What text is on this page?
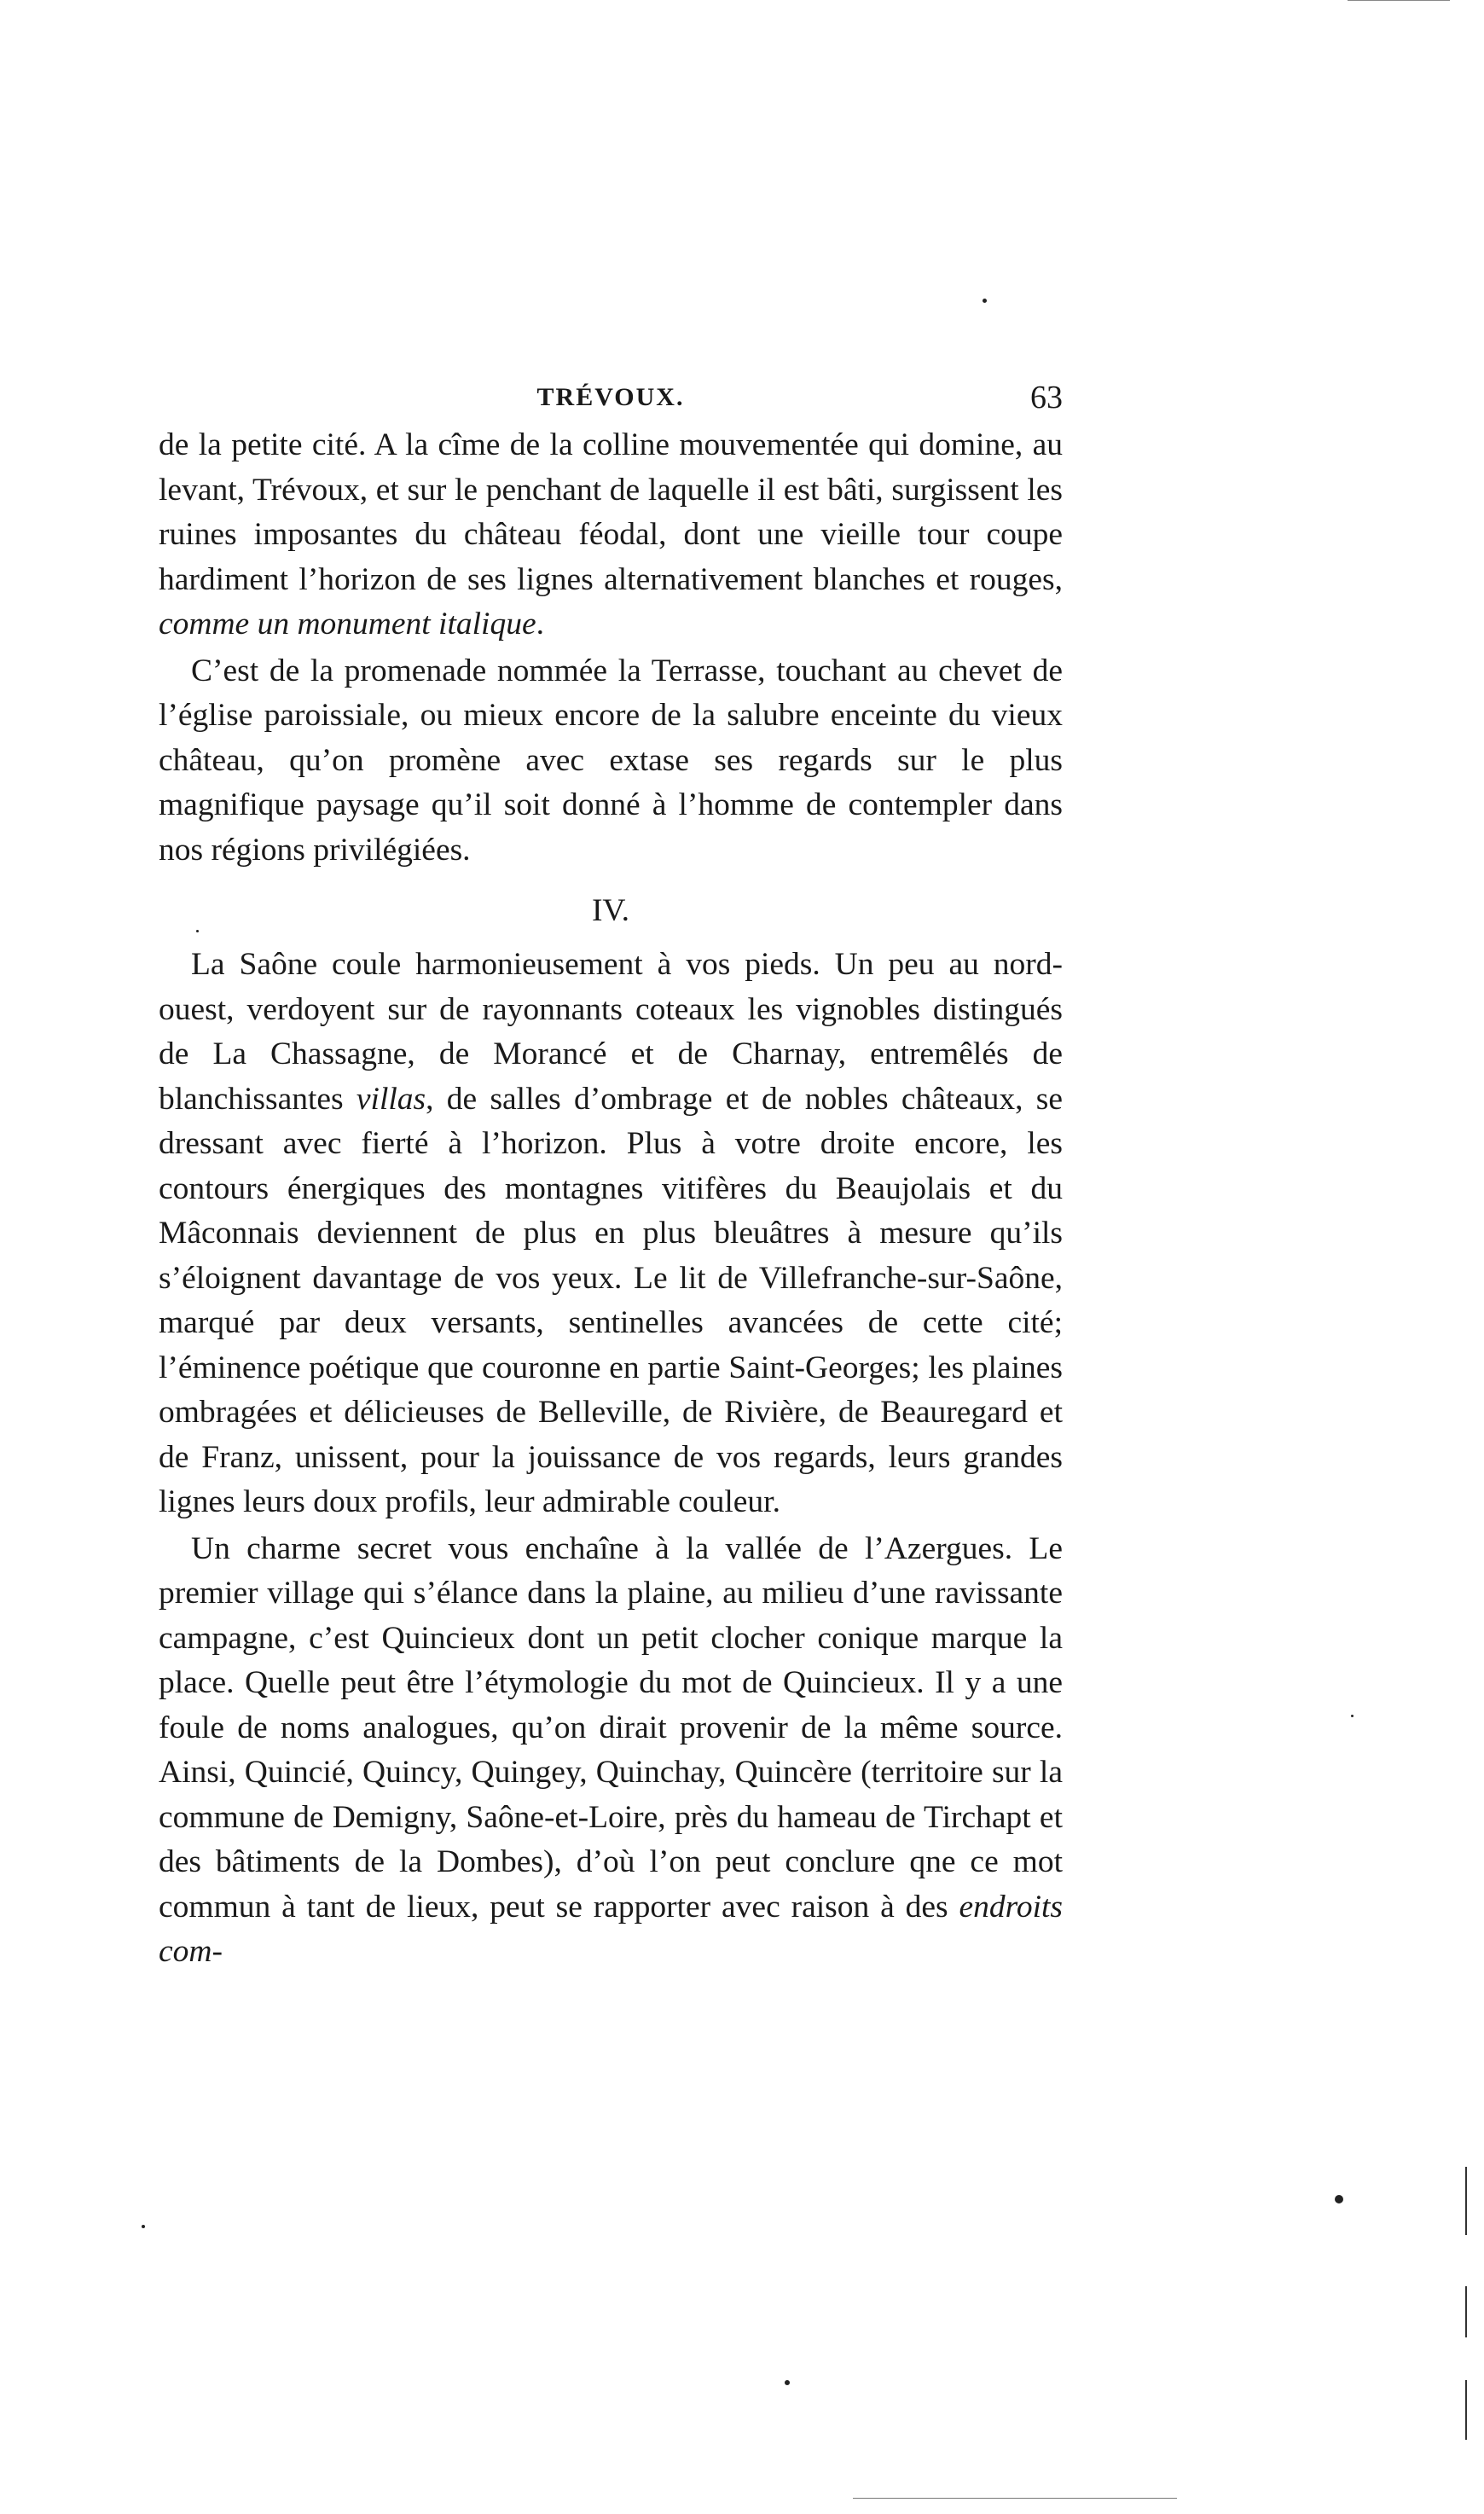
TRÉVOUX.	63

de la petite cité. A la cîme de la colline mouvementée qui domine, au levant, Trévoux, et sur le penchant de laquelle il est bâti, surgissent les ruines imposantes du château féodal, dont une vieille tour coupe hardiment l’horizon de ses lignes alternativement blanches et rouges, comme un monument italique.

C’est de la promenade nommée la Terrasse, touchant au chevet de l’église paroissiale, ou mieux encore de la salubre enceinte du vieux château, qu’on promène avec extase ses regards sur le plus magnifique paysage qu’il soit donné à l’homme de contempler dans nos régions privilégiées.

IV.

La Saône coule harmonieusement à vos pieds. Un peu au nord-ouest, verdoyent sur de rayonnants coteaux les vignobles distingués de La Chassagne, de Morancé et de Charnay, entremêlés de blanchissantes villas, de salles d’ombrage et de nobles châteaux, se dressant avec fierté à l’horizon. Plus à votre droite encore, les contours énergiques des montagnes vitifères du Beaujolais et du Mâconnais deviennent de plus en plus bleuâtres à mesure qu’ils s’éloignent davantage de vos yeux. Le lit de Villefranche-sur-Saône, marqué par deux versants, sentinelles avancées de cette cité; l’éminence poétique que couronne en partie Saint-Georges; les plaines ombragées et délicieuses de Belleville, de Rivière, de Beauregard et de Franz, unissent, pour la jouissance de vos regards, leurs grandes lignes leurs doux profils, leur admirable couleur.

Un charme secret vous enchaîne à la vallée de l’Azergues. Le premier village qui s’élance dans la plaine, au milieu d’une ravissante campagne, c’est Quincieux dont un petit clocher conique marque la place. Quelle peut être l’étymologie du mot de Quincieux. Il y a une foule de noms analogues, qu’on dirait provenir de la même source. Ainsi, Quincié, Quincy, Quingey, Quinchay, Quincère (territoire sur la commune de Demigny, Saône-et-Loire, près du hameau de Tirchapt et des bâtiments de la Dombes), d’où l’on peut conclure qne ce mot commun à tant de lieux, peut se rapporter avec raison à des endroits com-
